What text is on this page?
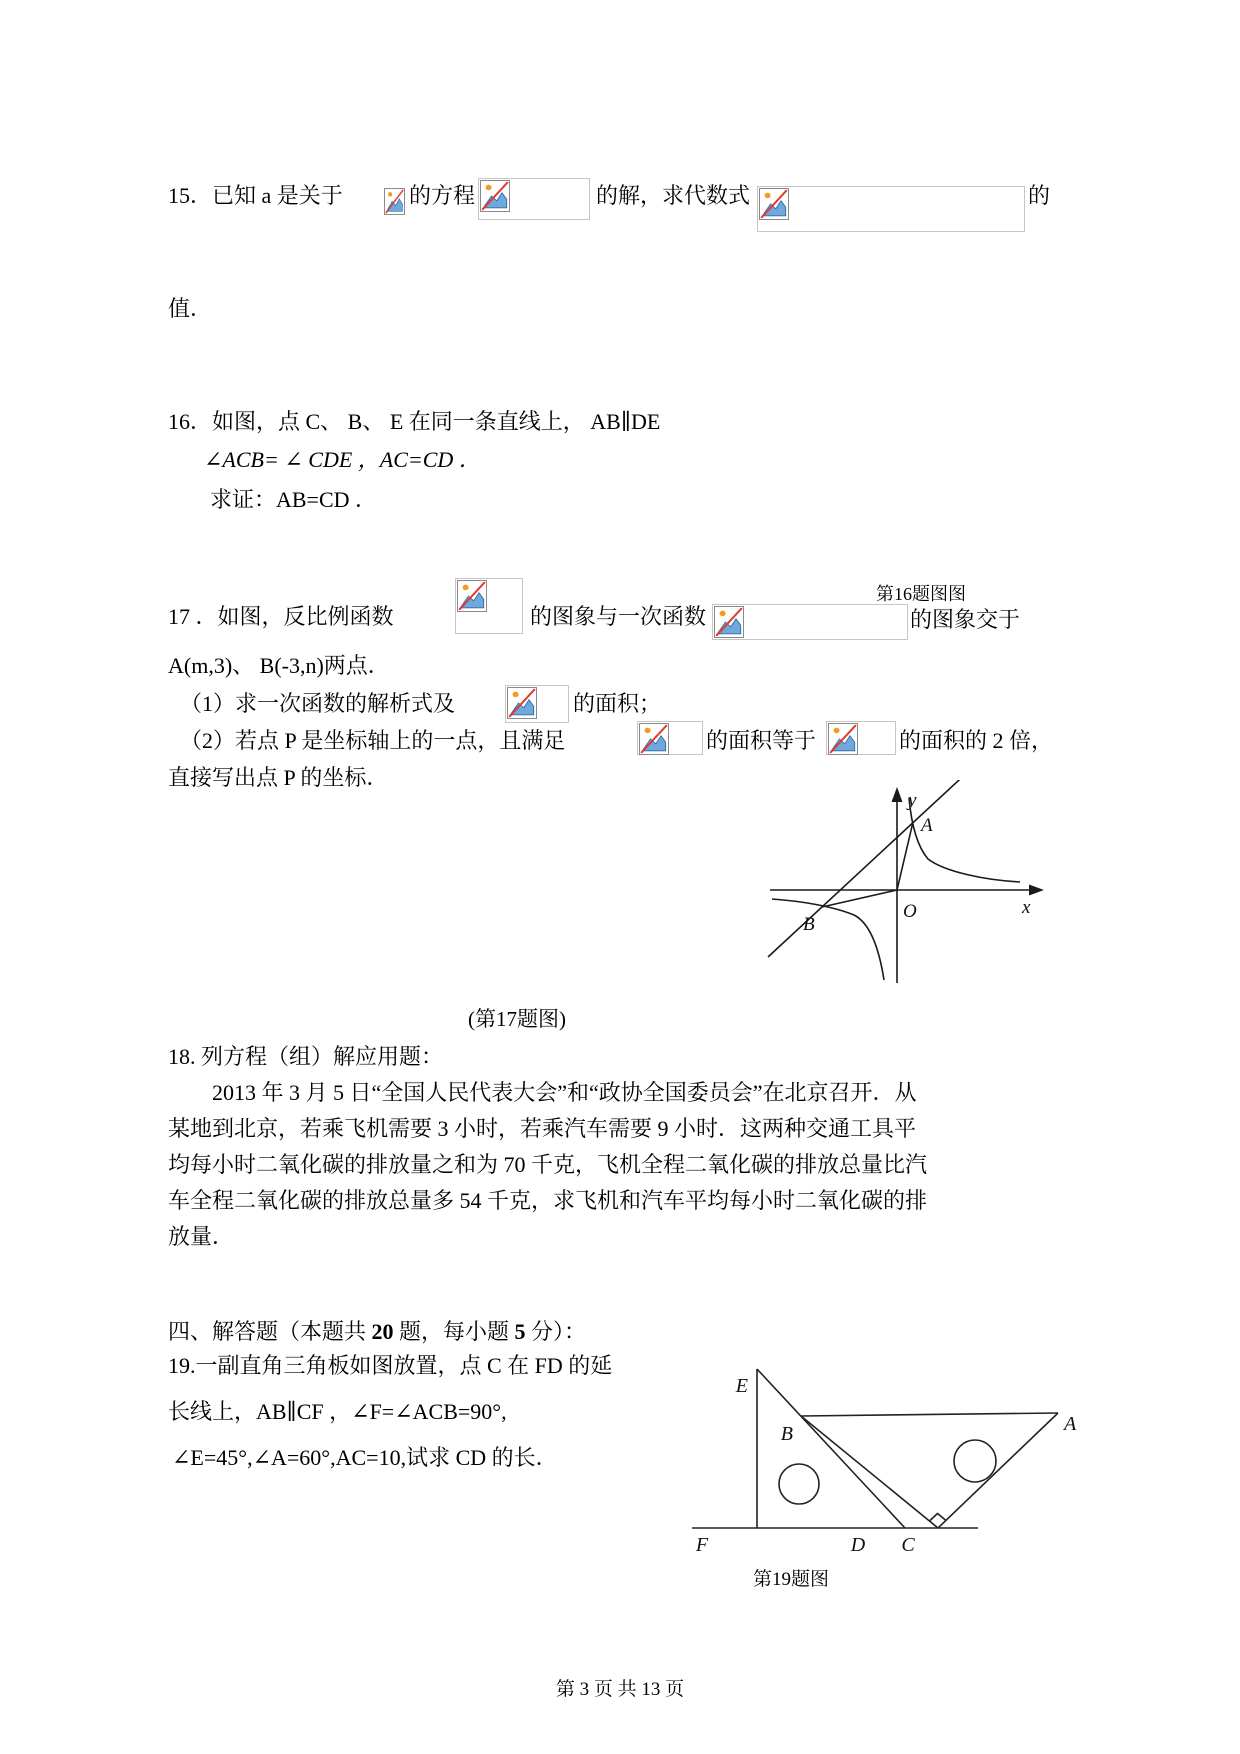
15．已知 a 是关于	的方程	的解，求代数式	的
值．
16．如图，点 C、 B、 E 在同一条直线上， AB∥DE
∠ACB= ∠ CDE ，AC=CD ．
求证：AB=CD ．
第16题图图
17 ．如图，反比例函数	的图象与一次函数	的图象交于
A(m,3)、 B(-3,n)两点．
（1）求一次函数的解析式及	的面积；
（2）若点 P 是坐标轴上的一点，且满足	的面积等于	的面积的 2 倍，
直接写出点 P 的坐标．
y
x
O
A
B
(第17题图)
18. 列方程（组）解应用题：
2013 年 3 月 5 日“全国人民代表大会”和“政协全国委员会”在北京召开．从
某地到北京，若乘飞机需要 3 小时，若乘汽车需要 9 小时．这两种交通工具平
均每小时二氧化碳的排放量之和为 70 千克，飞机全程二氧化碳的排放总量比汽
车全程二氧化碳的排放总量多 54 千克，求飞机和汽车平均每小时二氧化碳的排
放量．
四、解答题（本题共 20 题，每小题 5 分）：
19.一副直角三角板如图放置，点 C 在 FD 的延
长线上，AB∥CF ，∠F=∠ACB=90°,
∠E=45°,∠A=60°,AC=10,试求 CD 的长．
E
B	A
F	D C
第19题图
第 3 页 共 13 页
